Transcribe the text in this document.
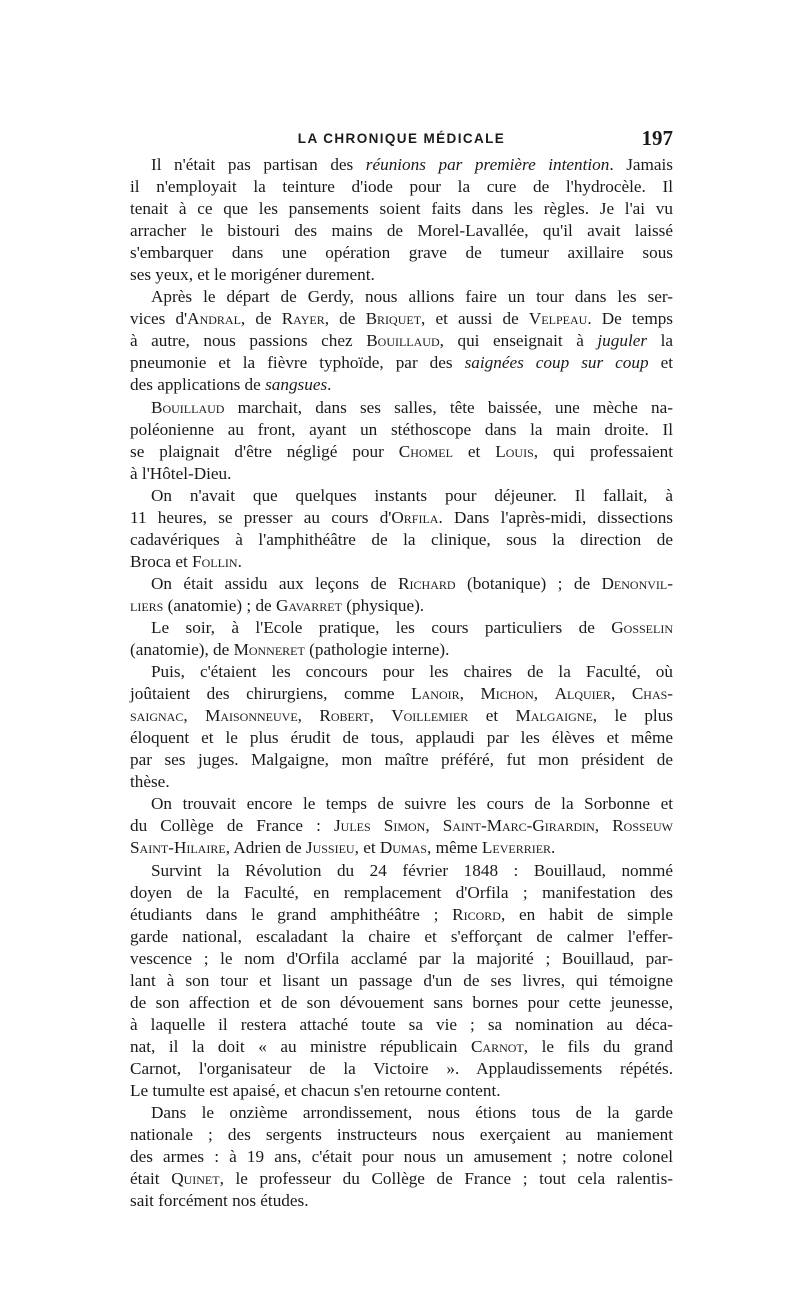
LA CHRONIQUE MÉDICALE	197
Il n'était pas partisan des réunions par première intention. Jamais
il n'employait la teinture d'iode pour la cure de l'hydrocèle. Il
tenait à ce que les pansements soient faits dans les règles. Je l'ai vu
arracher le bistouri des mains de Morel-Lavallée, qu'il avait laissé
s'embarquer dans une opération grave de tumeur axillaire sous
ses yeux, et le morigéner durement.
Après le départ de Gerdy, nous allions faire un tour dans les ser-
vices d'Andral, de Rayer, de Briquet, et aussi de Velpeau. De temps
à autre, nous passions chez Bouillaud, qui enseignait à juguler la
pneumonie et la fièvre typhoïde, par des saignées coup sur coup et
des applications de sangsues.
Bouillaud marchait, dans ses salles, tête baissée, une mèche na-
poléonienne au front, ayant un stéthoscope dans la main droite. Il
se plaignait d'être négligé pour Chomel et Louis, qui professaient
à l'Hôtel-Dieu.
On n'avait que quelques instants pour déjeuner. Il fallait, à
11 heures, se presser au cours d'Orfila. Dans l'après-midi, dissections
cadavériques à l'amphithéâtre de la clinique, sous la direction de
Broca et Follin.
On était assidu aux leçons de Richard (botanique) ; de Denonvil-
liers (anatomie) ; de Gavarret (physique).
Le soir, à l'Ecole pratique, les cours particuliers de Gosselin
(anatomie), de Monneret (pathologie interne).
Puis, c'étaient les concours pour les chaires de la Faculté, où
joûtaient des chirurgiens, comme Lanoir, Michon, Alquier, Chas-
saignac, Maisonneuve, Robert, Voillemier et Malgaigne, le plus
éloquent et le plus érudit de tous, applaudi par les élèves et même
par ses juges. Malgaigne, mon maître préféré, fut mon président de
thèse.
On trouvait encore le temps de suivre les cours de la Sorbonne et
du Collège de France : Jules Simon, Saint-Marc-Girardin, Rosseuw
Saint-Hilaire, Adrien de Jussieu, et Dumas, même Leverrier.
Survint la Révolution du 24 février 1848 : Bouillaud, nommé
doyen de la Faculté, en remplacement d'Orfila ; manifestation des
étudiants dans le grand amphithéâtre ; Ricord, en habit de simple
garde national, escaladant la chaire et s'efforçant de calmer l'effer-
vescence ; le nom d'Orfila acclamé par la majorité ; Bouillaud, par-
lant à son tour et lisant un passage d'un de ses livres, qui témoigne
de son affection et de son dévouement sans bornes pour cette jeunesse,
à laquelle il restera attaché toute sa vie ; sa nomination au déca-
nat, il la doit « au ministre républicain Carnot, le fils du grand
Carnot, l'organisateur de la Victoire ». Applaudissements répétés.
Le tumulte est apaisé, et chacun s'en retourne content.
Dans le onzième arrondissement, nous étions tous de la garde
nationale ; des sergents instructeurs nous exerçaient au maniement
des armes : à 19 ans, c'était pour nous un amusement ; notre colonel
était Quinet, le professeur du Collège de France ; tout cela ralentis-
sait forcément nos études.
